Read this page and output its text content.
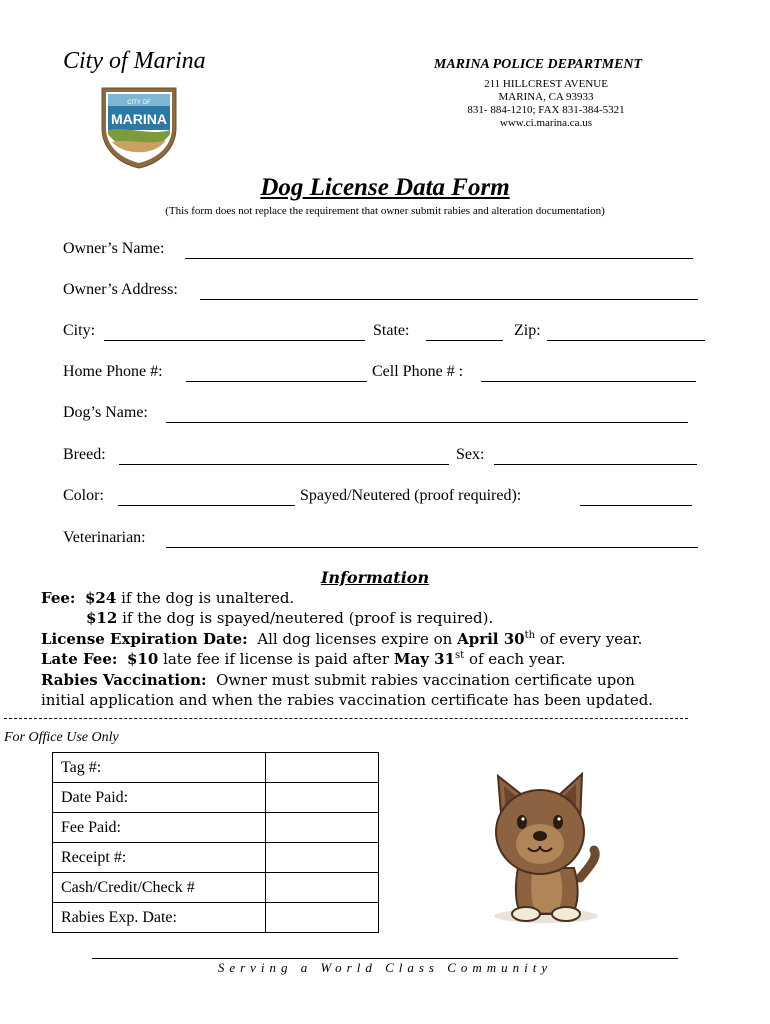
City of Marina	MARINA POLICE DEPARTMENT
211 HILLCREST AVENUE
MARINA, CA 93933
831- 884-1210; FAX 831-384-5321
www.ci.marina.ca.us
CITY OF
MARINA
Dog License Data Form
(This form does not replace the requirement that owner submit rabies and alteration documentation)
Owner’s Name:
Owner’s Address:
City:	State:	Zip:
Home Phone #:	Cell Phone # :
Dog’s Name:
Breed:	Sex:
Color:	Spayed/Neutered (proof required):
Veterinarian:
Information
Fee: $24 if the dog is unaltered.
$12 if the dog is spayed/neutered (proof is required).
License Expiration Date: All dog licenses expire on April 30th of every year.
Late Fee: $10 late fee if license is paid after May 31st of each year.
Rabies Vaccination: Owner must submit rabies vaccination certificate upon
initial application and when the rabies vaccination certificate has been updated.
For Office Use Only
Tag #:	
Date Paid:	
Fee Paid:	
Receipt #:	
Cash/Credit/Check #	
Rabies Exp. Date:	
Serving a World Class Community
